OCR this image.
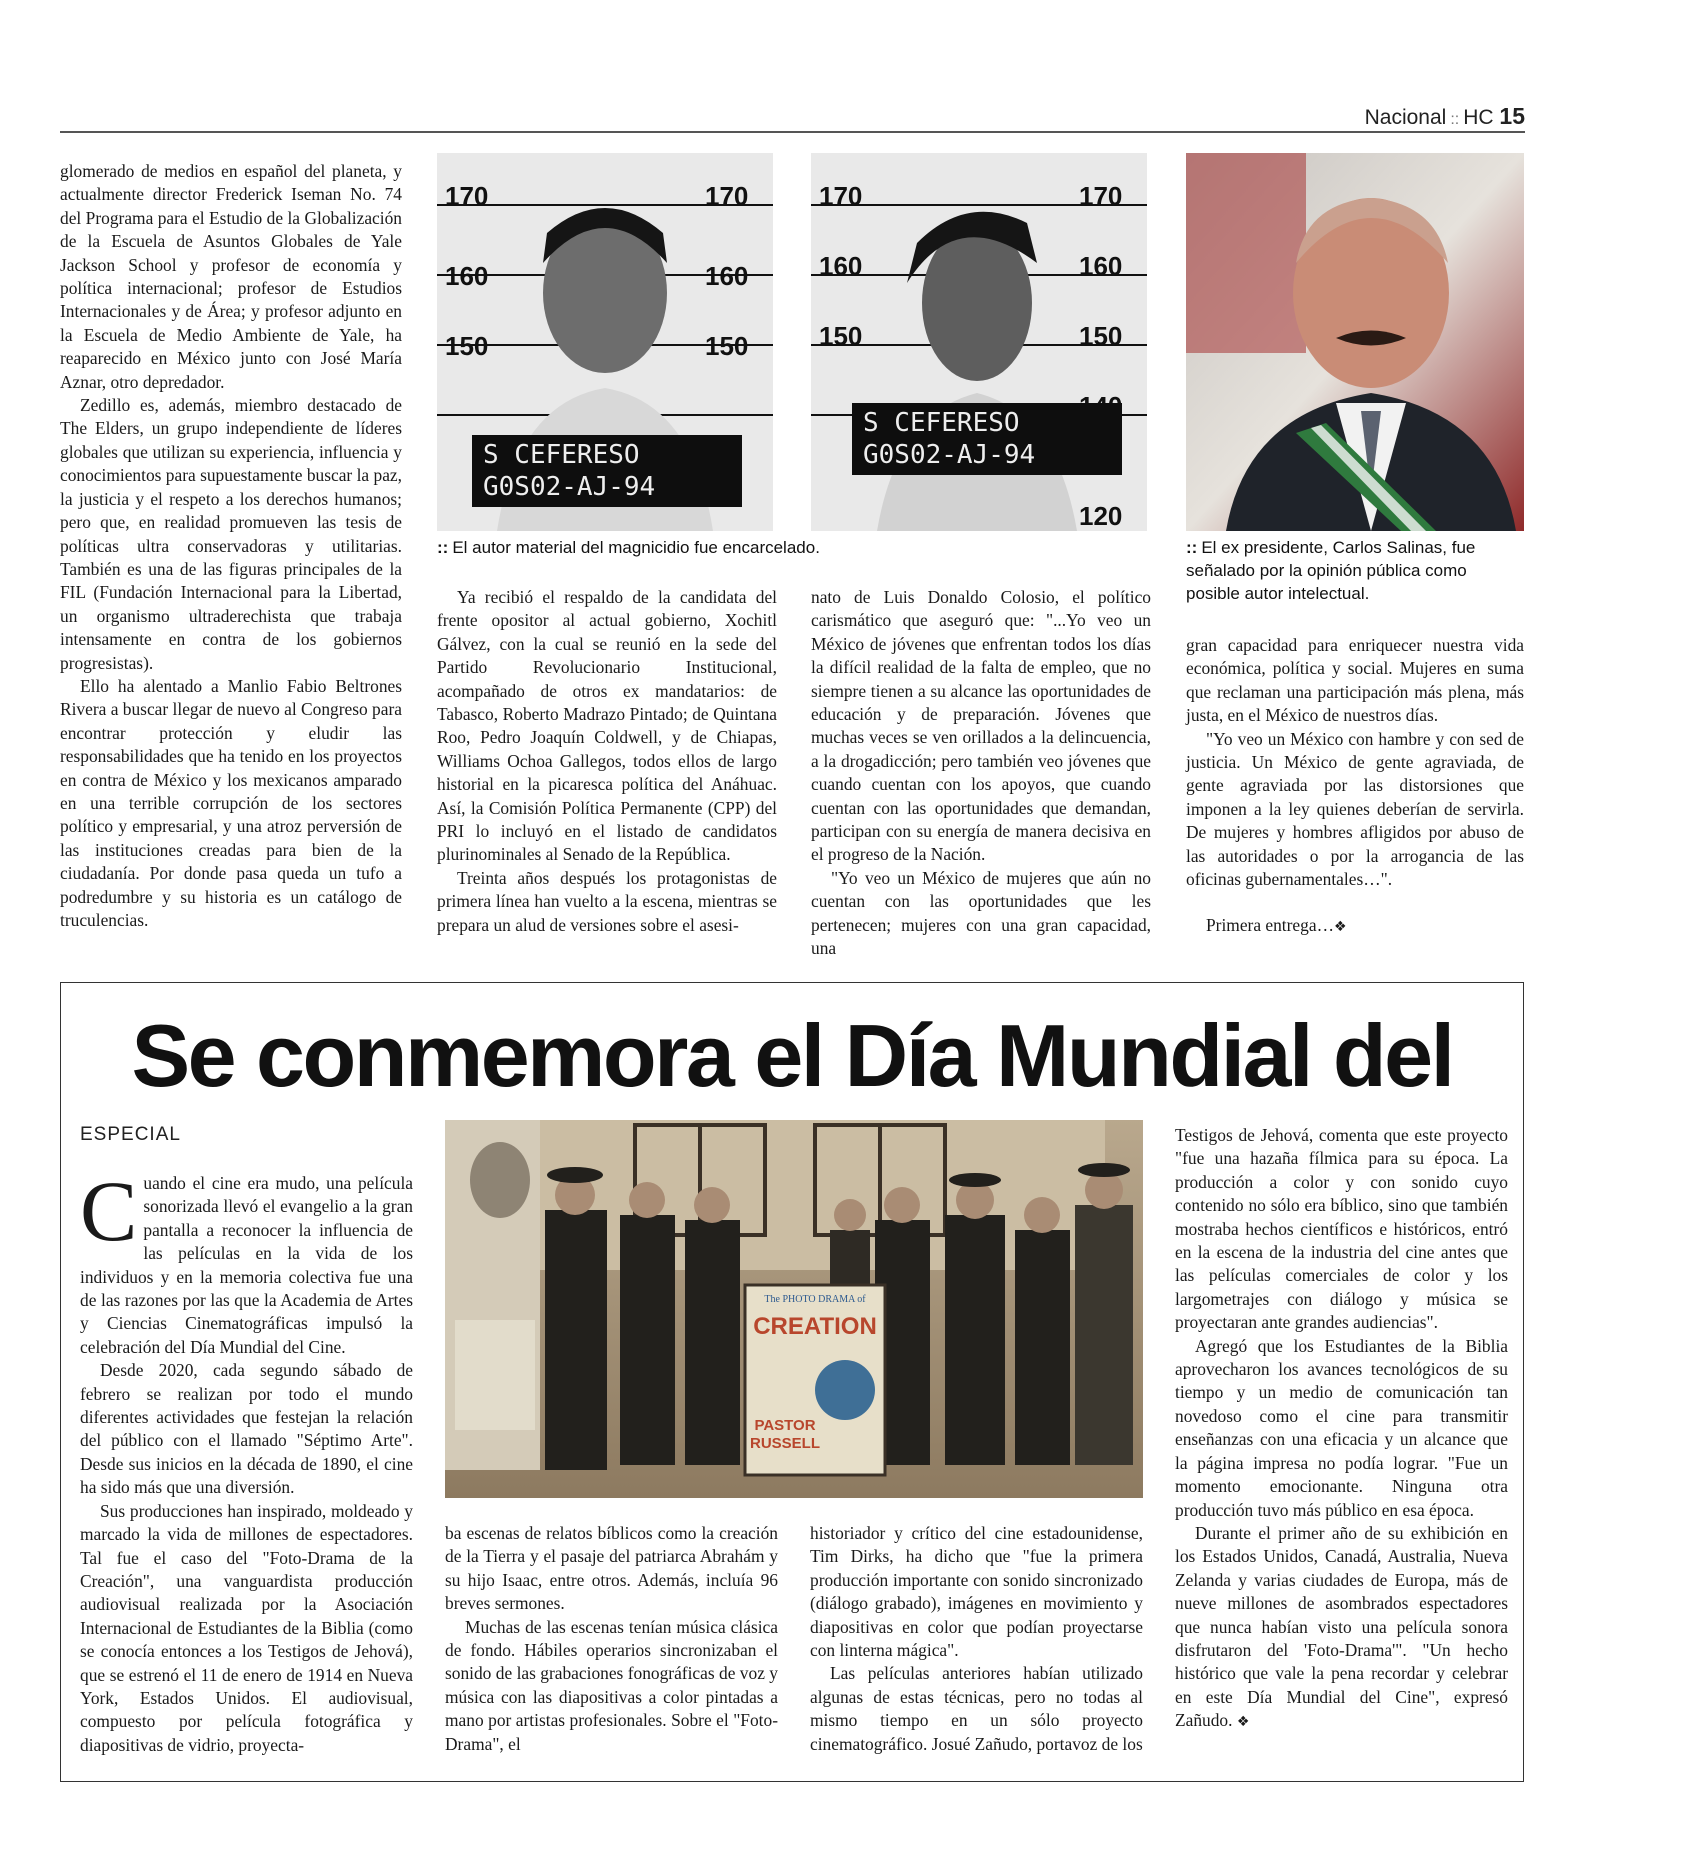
Nacional :: HC 15

glomerado de medios en español del planeta, y actualmente director Frederick Iseman No. 74 del Programa para el Estudio de la Globalización de la Escuela de Asuntos Globales de Yale Jackson School y profesor de economía y política internacional; profesor de Estudios Internacionales y de Área; y profesor adjunto en la Escuela de Medio Ambiente de Yale, ha reaparecido en México junto con José María Aznar, otro depredador.

Zedillo es, además, miembro destacado de The Elders, un grupo independiente de líderes globales que utilizan su experiencia, influencia y conocimientos para supuestamente buscar la paz, la justicia y el respeto a los derechos humanos; pero que, en realidad promueven las tesis de políticas ultra conservadoras y utilitarias. También es una de las figuras principales de la FIL (Fundación Internacional para la Libertad, un organismo ultraderechista que trabaja intensamente en contra de los gobiernos progresistas).

Ello ha alentado a Manlio Fabio Beltrones Rivera a buscar llegar de nuevo al Congreso para encontrar protección y eludir las responsabilidades que ha tenido en los proyectos en contra de México y los mexicanos amparado en una terrible corrupción de los sectores político y empresarial, y una atroz perversión de las instituciones creadas para bien de la ciudadanía. Por donde pasa queda un tufo a podredumbre y su historia es un catálogo de truculencias.

170	170
160	160
150	150
S CEFERESO
G0S02-AJ-94
170	170
160	160
150	150
120
S CEFERESO
G0S02-AJ-94
:: El autor material del magnicidio fue encarcelado.	:: El ex presidente, Carlos Salinas, fue señalado por la opinión pública como posible autor intelectual.

Ya recibió el respaldo de la candidata del frente opositor al actual gobierno, Xochitl Gálvez, con la cual se reunió en la sede del Partido Revolucionario Institucional, acompañado de otros ex mandatarios: de Tabasco, Roberto Madrazo Pintado; de Quintana Roo, Pedro Joaquín Coldwell, y de Chiapas, Williams Ochoa Gallegos, todos ellos de largo historial en la picaresca política del Anáhuac. Así, la Comisión Política Permanente (CPP) del PRI lo incluyó en el listado de candidatos plurinominales al Senado de la República.

Treinta años después los protagonistas de primera línea han vuelto a la escena, mientras se prepara un alud de versiones sobre el asesi-

nato de Luis Donaldo Colosio, el político carismático que aseguró que: "...Yo veo un México de jóvenes que enfrentan todos los días la difícil realidad de la falta de empleo, que no siempre tienen a su alcance las oportunidades de educación y de preparación. Jóvenes que muchas veces se ven orillados a la delincuencia, a la drogadicción; pero también veo jóvenes que cuando cuentan con los apoyos, que cuando cuentan con las oportunidades que demandan, participan con su energía de manera decisiva en el progreso de la Nación.

"Yo veo un México de mujeres que aún no cuentan con las oportunidades que les pertenecen; mujeres con una gran capacidad, una

gran capacidad para enriquecer nuestra vida económica, política y social. Mujeres en suma que reclaman una participación más plena, más justa, en el México de nuestros días.

"Yo veo un México con hambre y con sed de justicia. Un México de gente agraviada, de gente agraviada por las distorsiones que imponen a la ley quienes deberían de servirla. De mujeres y hombres afligidos por abuso de las autoridades o por la arrogancia de las oficinas gubernamentales…".

Primera entrega…❖

Se conmemora el Día Mundial del
ESPECIAL

Cuando el cine era mudo, una película sonorizada llevó el evangelio a la gran pantalla a reconocer la influencia de las películas en la vida de los individuos y en la memoria colectiva fue una de las razones por las que la Academia de Artes y Ciencias Cinematográficas impulsó la celebración del Día Mundial del Cine.

Desde 2020, cada segundo sábado de febrero se realizan por todo el mundo diferentes actividades que festejan la relación del público con el llamado "Séptimo Arte". Desde sus inicios en la década de 1890, el cine ha sido más que una diversión.

Sus producciones han inspirado, moldeado y marcado la vida de millones de espectadores. Tal fue el caso del "Foto-Drama de la Creación", una vanguardista producción audiovisual realizada por la Asociación Internacional de Estudiantes de la Biblia (como se conocía entonces a los Testigos de Jehová), que se estrenó el 11 de enero de 1914 en Nueva York, Estados Unidos. El audiovisual, compuesto por película fotográfica y diapositivas de vidrio, proyecta-

The PHOTO DRAMA of
CREATION
PASTOR
RUSSELL

ba escenas de relatos bíblicos como la creación de la Tierra y el pasaje del patriarca Abrahám y su hijo Isaac, entre otros. Además, incluía 96 breves sermones.

Muchas de las escenas tenían música clásica de fondo. Hábiles operarios sincronizaban el sonido de las grabaciones fonográficas de voz y música con las diapositivas a color pintadas a mano por artistas profesionales. Sobre el "Foto-Drama", el

historiador y crítico del cine estadounidense, Tim Dirks, ha dicho que "fue la primera producción importante con sonido sincronizado (diálogo grabado), imágenes en movimiento y diapositivas en color que podían proyectarse con linterna mágica".

Las películas anteriores habían utilizado algunas de estas técnicas, pero no todas al mismo tiempo en un sólo proyecto cinematográfico. Josué Zañudo, portavoz de los

Testigos de Jehová, comenta que este proyecto "fue una hazaña fílmica para su época. La producción a color y con sonido cuyo contenido no sólo era bíblico, sino que también mostraba hechos científicos e históricos, entró en la escena de la industria del cine antes que las películas comerciales de color y los largometrajes con diálogo y música se proyectaran ante grandes audiencias".

Agregó que los Estudiantes de la Biblia aprovecharon los avances tecnológicos de su tiempo y un medio de comunicación tan novedoso como el cine para transmitir enseñanzas con una eficacia y un alcance que la página impresa no podía lograr. "Fue un momento emocionante. Ninguna otra producción tuvo más público en esa época.

Durante el primer año de su exhibición en los Estados Unidos, Canadá, Australia, Nueva Zelanda y varias ciudades de Europa, más de nueve millones de asombrados espectadores que nunca habían visto una película sonora disfrutaron del 'Foto-Drama'". "Un hecho histórico que vale la pena recordar y celebrar en este Día Mundial del Cine", expresó Zañudo. ❖
